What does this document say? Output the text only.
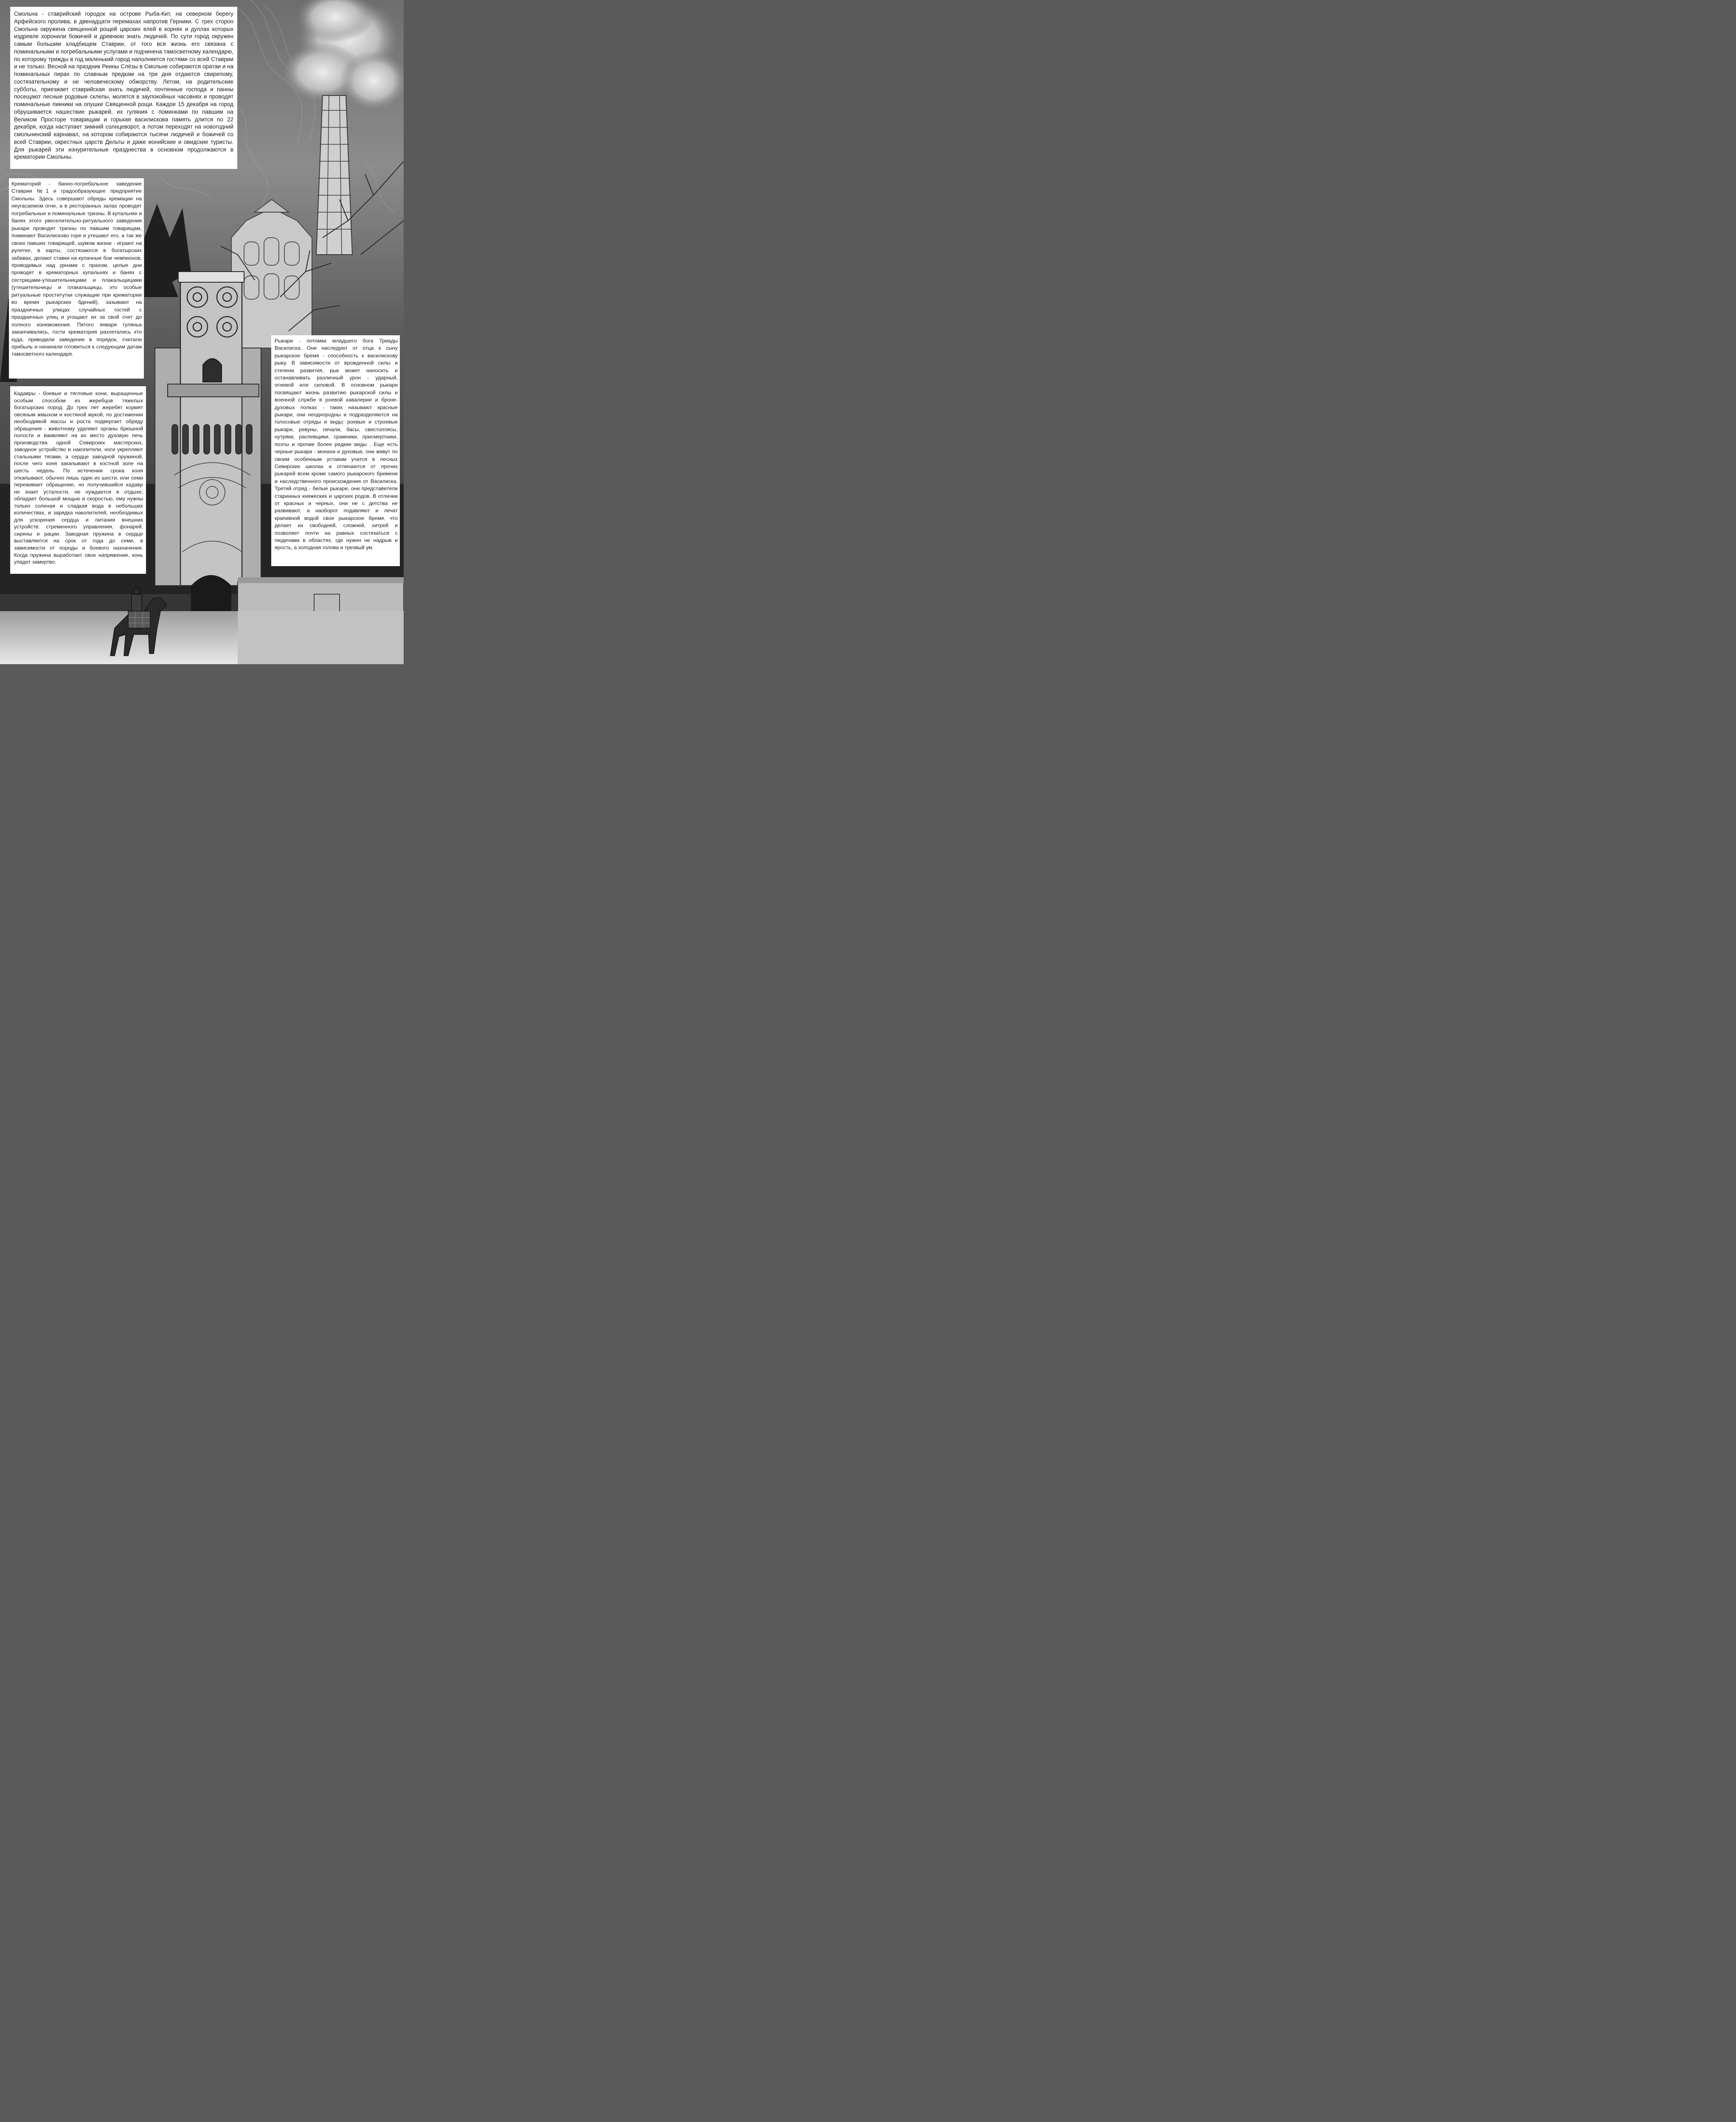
Смольна - ставрийский городок на острове Рыба-Кит, на северном берегу Арфейского пролива, в двенадцати перемахах напротив Герники. С трех сторон Смольна окружена священной рощей царских елей в корнях и дуплах которых издревле хоронили божичей и древнюю знать людичей. По сути город окружен самым большим кладбищем Ставрии, от того вся жизнь его связана с поминальными и погребальными услугами и подчинена тамосветному календарю, по которому трижды в год маленький город наполняется гостями со всей Ставрии и не только. Весной на праздник Реины Слёзы в Смольне собираются оратаи и на поминальных пирах по славным предкам на три дня отдаются свирепому, состязательному и не человеческому обжорству. Летом, на родительские субботы, приезжает ставрийская знать людичей, почтенные господа и панны посещают лесные родовые склепы, молятся в заупокойных часовнях и проводят поминальные пикники на опушке Священной рощи. Каждое 15 декабря на город обрушивается нашествие рыкарей, их гуляния с поминками по павшим на Великом Просторе товарищам и горькая василискова память длится по 22 декабря, когда наступает зимний солнцеворот, а потом переходят на новогодний смольнинский карнавал, на котором собираются тысячи людичей и божичей со всей Ставрии, окрестных царств Дельты и даже ионийские и овидские туристы. Для рыкарей эти изнурительные празднества в основном продолжаются в крематории Смольны.

Крематорий - банно-погребальное заведение Ставрии №1 и градообразующее предприятие Смольны. Здесь совершают обряды кремации на неугасаемом огне, а в ресторанных залах проводят погребальные и поминальные тризны. В купальнях и банях этого увеселительно-ритуального заведения рыкари проводят тризны по павшим товарищам, поминают Василисково горе и утешают его, а так же своих павших товарищей, шумом жизни - играют на рулетке, в карты, состязаются в богатырских забавах, делают ставки на кулачные бои чемпионов, проводимых над урнами с прахом, целые дни проводят в крематорных купальнях и банях с сестрицами-утешительницами и плакальщицами (утешительницы и плакальщицы, это особые ритуальные проститутки служащие при крематории во время рыкарских бдений), зазывают на праздничных улицах случайных гостей с праздничных улиц и угощают их за свой счет до полного изнеможения. Пятого января гуляньа заканчивались, гости крематория разлетались кто куда, приводили заведение в порядок, считали прибыль и начинали готовиться к следующим датам тамосветного календаря.

Кадавры - боевые и тягловые кони, выращенные особым способом из жеребцов тяжелых богатырских пород. До трех лет жеребят кормят овсяным жмыхом и костяной мукой, по достижении необходимой массы и роста подвергает обряду обращения - животному удаляют органы брюшной полости и вживляют на их место духовую печь производства одной Севирских мастерских, заводное устройство и накопители, ноги укрепляют стальными тягами, а сердце заводной пружиной, после чего коня закапывают в костной золе на шесть недель. По истечении срока коня откапывают, обычно лишь один из шести, или семи переживает обращение, но получившийся кадавр не знает усталости, не нуждается в отдыхе, обладает большой мощью и скоростью, ему нужны только соленая и сладкая вода в небольших количествах, и зарядка накопителей, необходимых для ускорения сердца и питания внешних устройств: стременного управления, фонарей, сирены и рации. Заводная пружина в сердце выставляется на срок от года до семи, в зависимости от породы и боевого назначения. Когда пружина выработает свое напряжение, конь упадет замертво.

Рыкари - потомки младшего бога Триады Василиска. Они наследуют от отца к сыну рыкарское бремя - способность к василискову рыку. В зависимости от врожденной силы и степени развития, рык может наносить и останавливать различный урон - ударный, огневой или силовой. В основном рыкари посвящают жизнь развитию рыкарской силы и военной службе в роевой кавалерии и броне-духовых полках - таких называют красные рыкари, они неоднородны и подразделяются на голосовые отряды и виды: роевые и строевые рыкари, ревуны, печали, басы, свистоплясы, нутряки, распевщики, срамники, присмертники, поэты и прочие более редкие виды . Еще есть черные рыкари - монахи и духовые, они живут по своим особенным уставам учатся в лесных Севирских школах и отличаются от прочих рыкарей всем кроме самого рыкарского бремени и наследственного происхождения от Василиска. Третий отряд - белые рыкари, они представители старинных княжеских и царских родов. В отличии от красных и черных, они не с детства не развивают, а наоборот подавляют и лечат крапивной водой свое рыкарское бремя, что делает их свободней, сложней, хитрей и позволяет почти на равных состязаться с людичами в областях, где нужен не надрыв и ярость, а холодная голова и трезвый ум.
